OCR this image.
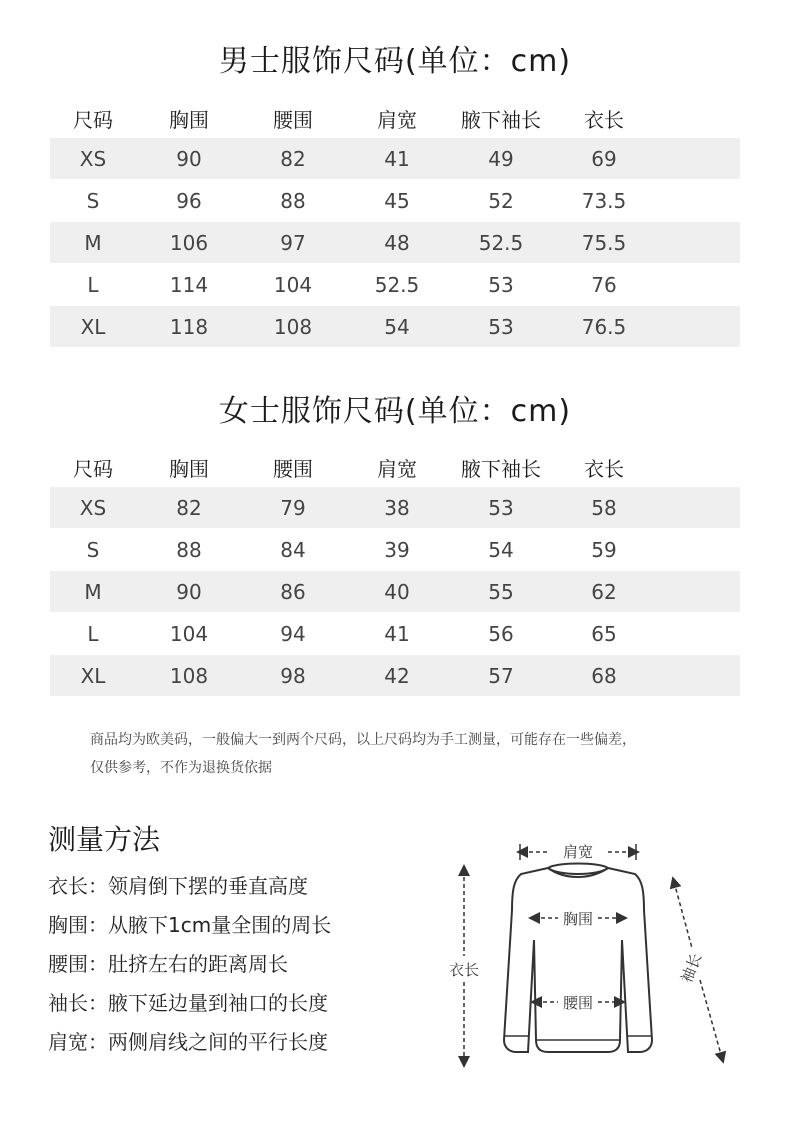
男士服饰尺码(单位：cm)
尺码	胸围	腰围	肩宽	腋下袖长	衣长	
XS	90	82	41	49	69	
S	96	88	45	52	73.5	
M	106	97	48	52.5	75.5	
L	114	104	52.5	53	76	
XL	118	108	54	53	76.5	
女士服饰尺码(单位：cm)
尺码	胸围	腰围	肩宽	腋下袖长	衣长	
XS	82	79	38	53	58	
S	88	84	39	54	59	
M	90	86	40	55	62	
L	104	94	41	56	65	
XL	108	98	42	57	68	
商品均为欧美码，一般偏大一到两个尺码，以上尺码均为手工测量，可能存在一些偏差，
仅供参考，不作为退换货依据
测量方法
衣长：领肩倒下摆的垂直高度
胸围：从腋下1cm量全围的周长
腰围：肚挤左右的距离周长
袖长：腋下延边量到袖口的长度
肩宽：两侧肩线之间的平行长度
肩宽
胸围
腰围
衣长	袖长
